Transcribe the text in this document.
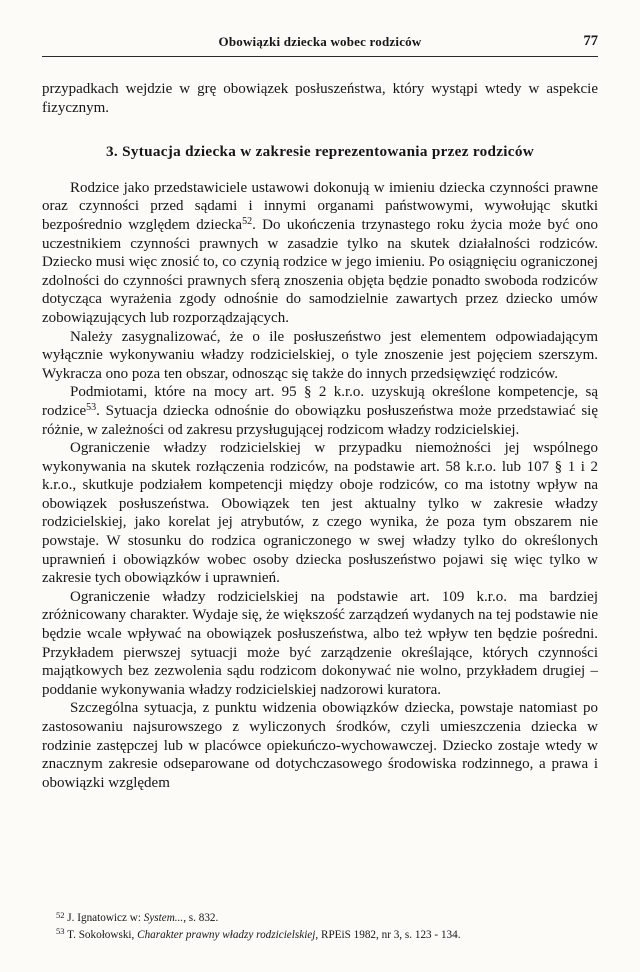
Obowiązki dziecka wobec rodziców	77

przypadkach wejdzie w grę obowiązek posłuszeństwa, który wystąpi wtedy w aspekcie fizycznym.

3. Sytuacja dziecka w zakresie reprezentowania przez rodziców

Rodzice jako przedstawiciele ustawowi dokonują w imieniu dziecka czynności prawne oraz czynności przed sądami i innymi organami państwowymi, wywołując skutki bezpośrednio względem dziecka$^{52}$. Do ukończenia trzynastego roku życia może być ono uczestnikiem czynności prawnych w zasadzie tylko na skutek działalności rodziców. Dziecko musi więc znosić to, co czynią rodzice w jego imieniu. Po osiągnięciu ograniczonej zdolności do czynności prawnych sferą znoszenia objęta będzie ponadto swoboda rodziców dotycząca wyrażenia zgody odnośnie do samodzielnie zawartych przez dziecko umów zobowiązujących lub rozporządzających.

Należy zasygnalizować, że o ile posłuszeństwo jest elementem odpowiadającym wyłącznie wykonywaniu władzy rodzicielskiej, o tyle znoszenie jest pojęciem szerszym. Wykracza ono poza ten obszar, odnosząc się także do innych przedsięwzięć rodziców.

Podmiotami, które na mocy art. 95 § 2 k.r.o. uzyskują określone kompetencje, są rodzice$^{53}$. Sytuacja dziecka odnośnie do obowiązku posłuszeństwa może przedstawiać się różnie, w zależności od zakresu przysługującej rodzicom władzy rodzicielskiej.

Ograniczenie władzy rodzicielskiej w przypadku niemożności jej wspólnego wykonywania na skutek rozłączenia rodziców, na podstawie art. 58 k.r.o. lub 107 § 1 i 2 k.r.o., skutkuje podziałem kompetencji między oboje rodziców, co ma istotny wpływ na obowiązek posłuszeństwa. Obowiązek ten jest aktualny tylko w zakresie władzy rodzicielskiej, jako korelat jej atrybutów, z czego wynika, że poza tym obszarem nie powstaje. W stosunku do rodzica ograniczonego w swej władzy tylko do określonych uprawnień i obowiązków wobec osoby dziecka posłuszeństwo pojawi się więc tylko w zakresie tych obowiązków i uprawnień.

Ograniczenie władzy rodzicielskiej na podstawie art. 109 k.r.o. ma bardziej zróżnicowany charakter. Wydaje się, że większość zarządzeń wydanych na tej podstawie nie będzie wcale wpływać na obowiązek posłuszeństwa, albo też wpływ ten będzie pośredni. Przykładem pierwszej sytuacji może być zarządzenie określające, których czynności majątkowych bez zezwolenia sądu rodzicom dokonywać nie wolno, przykładem drugiej – poddanie wykonywania władzy rodzicielskiej nadzorowi kuratora.

Szczególna sytuacja, z punktu widzenia obowiązków dziecka, powstaje natomiast po zastosowaniu najsurowszego z wyliczonych środków, czyli umieszczenia dziecka w rodzinie zastępczej lub w placówce opiekuńczo-wychowawczej. Dziecko zostaje wtedy w znacznym zakresie odseparowane od dotychczasowego środowiska rodzinnego, a prawa i obowiązki względem

$^{52}$ J. Ignatowicz w: System..., s. 832.

$^{53}$ T. Sokołowski, Charakter prawny władzy rodzicielskiej, RPEiS 1982, nr 3, s. 123 - 134.
